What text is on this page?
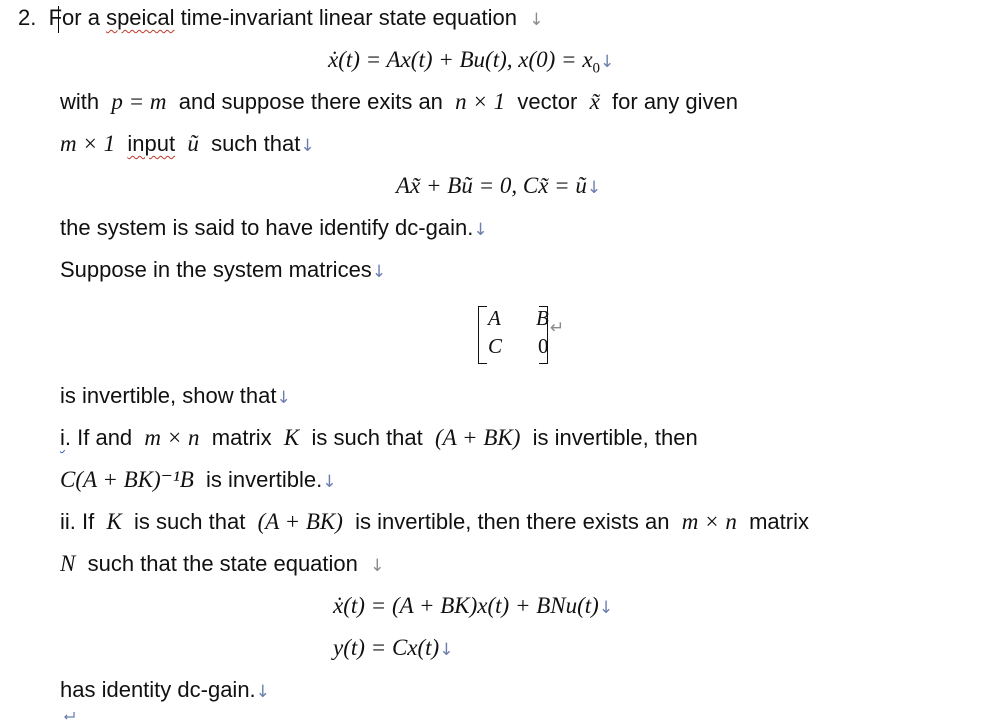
2. For a speical time-invariant linear state equation ↓
ẋ(t) = Ax(t) + Bu(t), $x(0) = x_0↓$
with p = m and suppose there exits an n × 1 vector x̃ for any given
m × 1 input ũ such that↓
Ax̃ + Bũ = 0, Cx̃ = ũ↓
the system is said to have identify dc-gain.↓
Suppose in the system matrices↓
A B
C 0
↵
is invertible, show that↓
i. If and m × n matrix K is such that (A + BK) is invertible, then
C(A + BK)⁻¹B is invertible.↓
ii. If K is such that (A + BK) is invertible, then there exists an m × n matrix
N such that the state equation ↓
ẋ(t) = (A + BK)x(t) + BNu(t)↓
y(t) = Cx(t)↓
has identity dc-gain.↓
